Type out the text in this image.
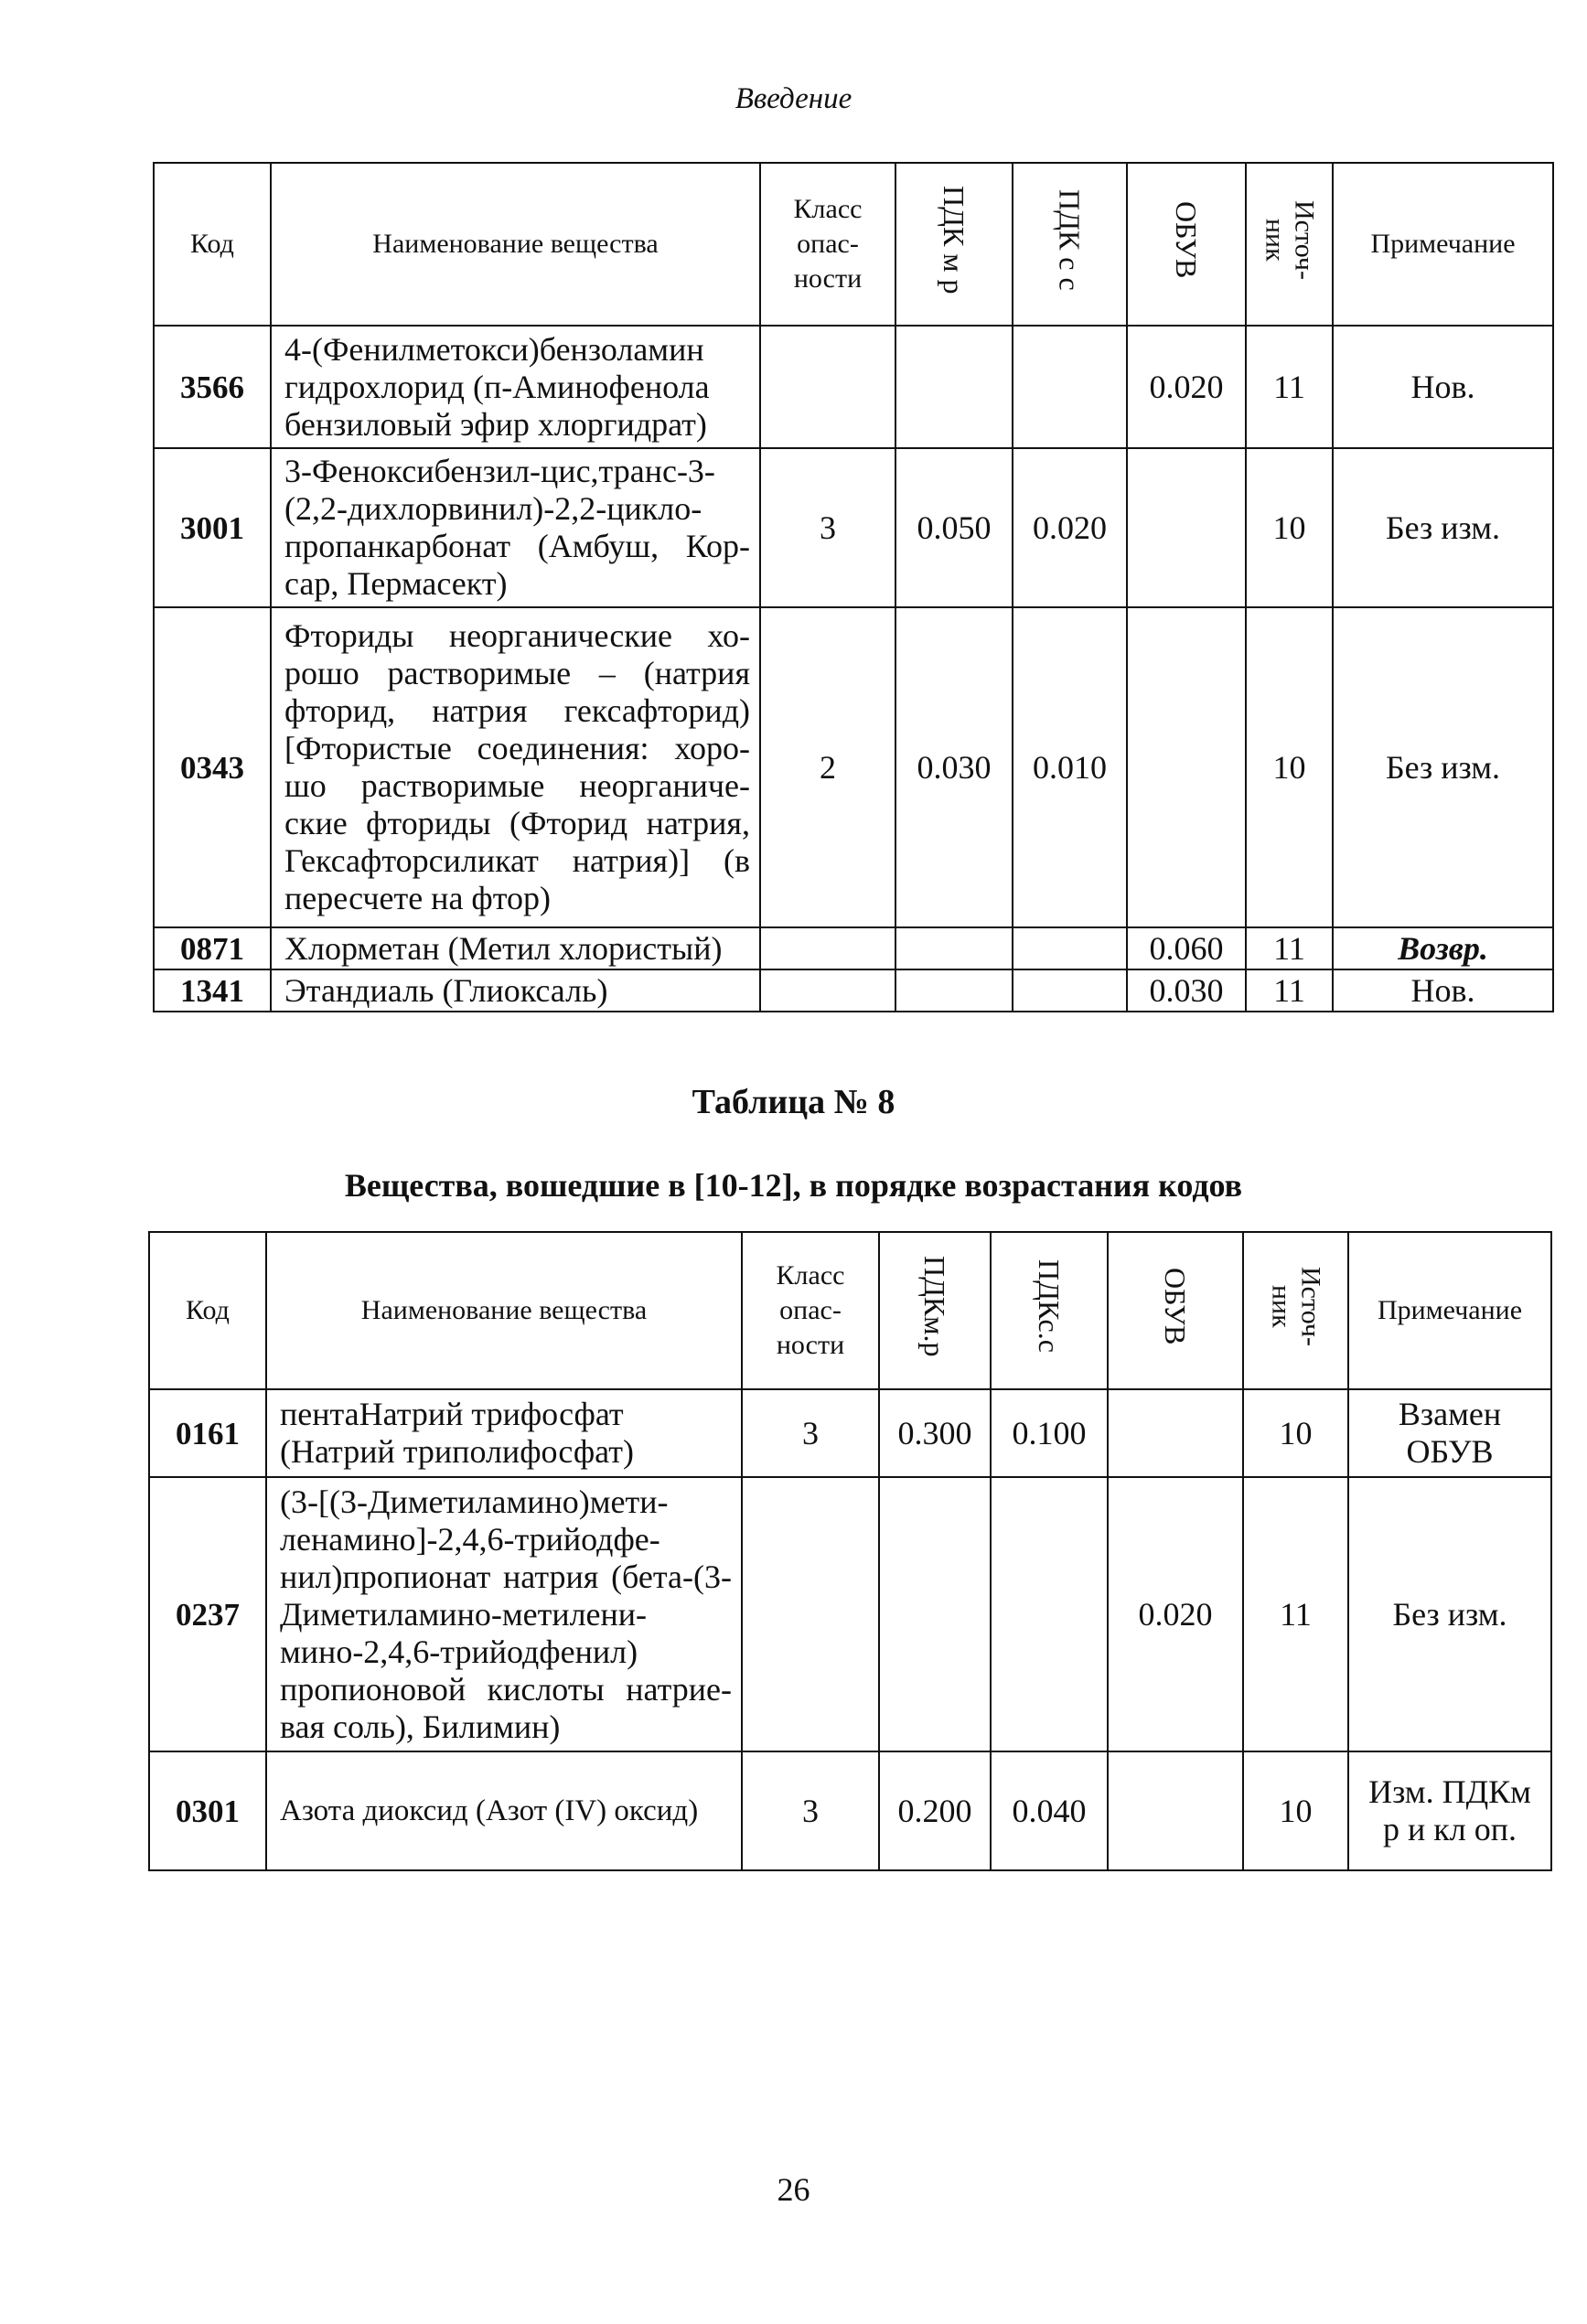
Введение
Код	Наименование вещества	Класс опас-ности	ПДК м р	ПДК с с	ОБУВ	Источ-ник	Примечание
3566	4-(Фенилметокси)бензоламин гидрохлорид (п-Аминофенола бензиловый эфир хлоргидрат)				0.020	11	Нов.
3001	3-Феноксибензил-цис,транс-3-(2,2-дихлорвинил)-2,2-цикло-пропанкарбонат (Амбуш, Кор-сар, Пермасект)	3	0.050	0.020		10	Без изм.
0343	Фториды неорганические хо-рошо растворимые – (натрия фторид, натрия гексафторид) [Фтористые соединения: хоро-шо растворимые неорганиче-ские фториды (Фторид натрия, Гексафторсиликат натрия)] (в пересчете на фтор)	2	0.030	0.010		10	Без изм.
0871	Хлорметан (Метил хлористый)				0.060	11	Возвр.
1341	Этандиаль (Глиоксаль)				0.030	11	Нов.
Таблица № 8
Вещества, вошедшие в [10-12], в порядке возрастания кодов
Код	Наименование вещества	Класс опас-ности	ПДКм.р	ПДКс.с	ОБУВ	Источ-ник	Примечание
0161	пентаНатрий трифосфат (Натрий триполифосфат)	3	0.300	0.100		10	Взамен ОБУВ
0237	(3-[(3-Диметиламино)мети-ленамино]-2,4,6-трийодфе-нил)пропионат натрия (бета-(3-Диметиламино-метилени-мино-2,4,6-трийодфенил) пропионовой кислоты натрие-вая соль), Билимин)				0.020	11	Без изм.
0301	Азота диоксид (Азот (IV) оксид)	3	0.200	0.040		10	Изм. ПДКм р и кл оп.
26
